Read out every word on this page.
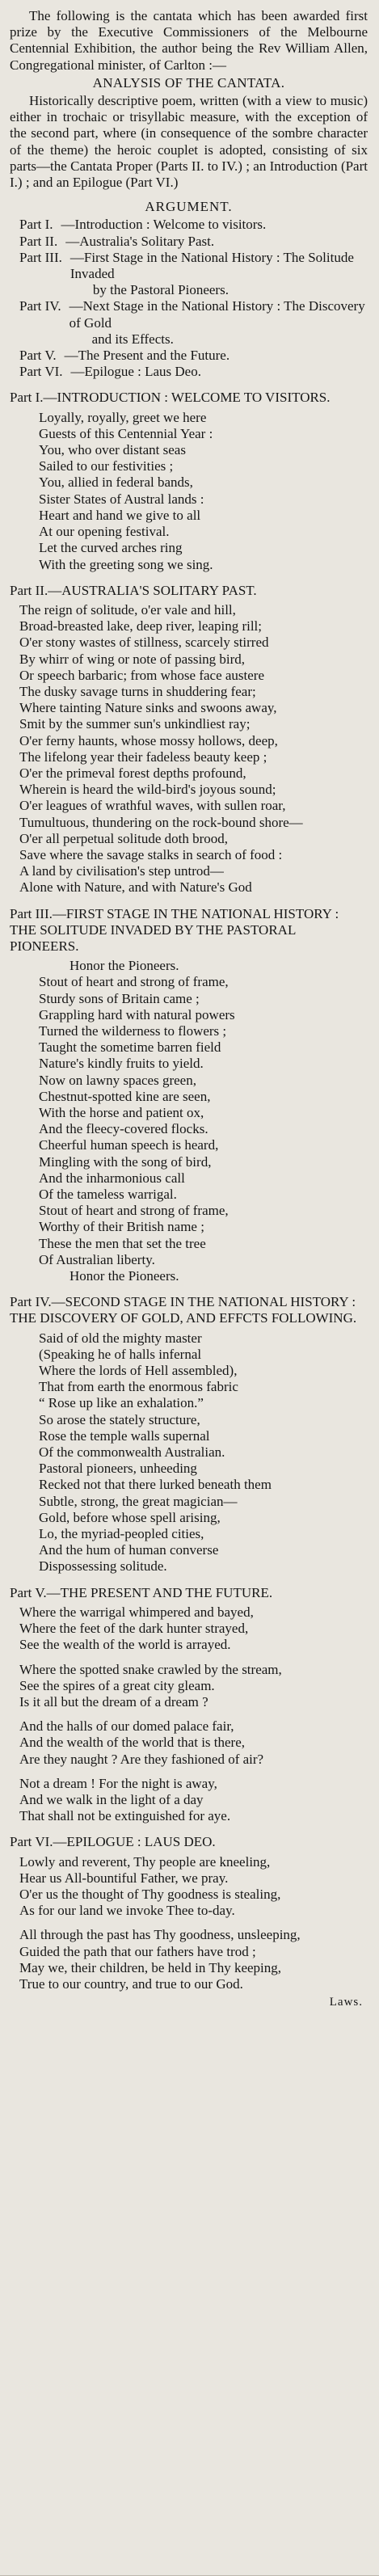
The following is the cantata which has been awarded first prize by the Executive Commissioners of the Melbourne Centennial Exhibition, the author being the Rev William Allen, Congregational minister, of Carlton :—

ANALYSIS OF THE CANTATA.

Historically descriptive poem, written (with a view to music) either in trochaic or trisyllabic measure, with the exception of the second part, where (in consequence of the sombre character of the theme) the heroic couplet is adopted, consisting of six parts—the Cantata Proper (Parts II. to IV.) ; an Introduction (Part I.) ; and an Epilogue (Part VI.)

ARGUMENT.
Part I. —Introduction : Welcome to visitors.
Part II. —Australia's Solitary Past.
Part III. —First Stage in the National History : The Solitude Invaded
by the Pastoral Pioneers.
Part IV. —Next Stage in the National History : The Discovery of Gold
and its Effects.
Part V. —The Present and the Future.
Part VI. —Epilogue : Laus Deo.
Part I.—INTRODUCTION : WELCOME TO VISITORS.
Loyally, royally, greet we here
Guests of this Centennial Year :
You, who over distant seas
Sailed to our festivities ;
You, allied in federal bands,
Sister States of Austral lands :
Heart and hand we give to all
At our opening festival.
Let the curved arches ring
With the greeting song we sing.
Part II.—AUSTRALIA'S SOLITARY PAST.
The reign of solitude, o'er vale and hill,
Broad-breasted lake, deep river, leaping rill;
O'er stony wastes of stillness, scarcely stirred
By whirr of wing or note of passing bird,
Or speech barbaric; from whose face austere
The dusky savage turns in shuddering fear;
Where tainting Nature sinks and swoons away,
Smit by the summer sun's unkindliest ray;
O'er ferny haunts, whose mossy hollows, deep,
The lifelong year their fadeless beauty keep ;
O'er the primeval forest depths profound,
Wherein is heard the wild-bird's joyous sound;
O'er leagues of wrathful waves, with sullen roar,
Tumultuous, thundering on the rock-bound shore—
O'er all perpetual solitude doth brood,
Save where the savage stalks in search of food :
A land by civilisation's step untrod—
Alone with Nature, and with Nature's God
Part III.—FIRST STAGE IN THE NATIONAL HISTORY : THE SOLITUDE INVADED BY THE PASTORAL PIONEERS.
Honor the Pioneers.
Stout of heart and strong of frame,
Sturdy sons of Britain came ;
Grappling hard with natural powers
Turned the wilderness to flowers ;
Taught the sometime barren field
Nature's kindly fruits to yield.
Now on lawny spaces green,
Chestnut-spotted kine are seen,
With the horse and patient ox,
And the fleecy-covered flocks.
Cheerful human speech is heard,
Mingling with the song of bird,
And the inharmonious call
Of the tameless warrigal.
Stout of heart and strong of frame,
Worthy of their British name ;
These the men that set the tree
Of Australian liberty.
Honor the Pioneers.
Part IV.—SECOND STAGE IN THE NATIONAL HISTORY : THE DISCOVERY OF GOLD, AND EFFCTS FOLLOWING.
Said of old the mighty master
(Speaking he of halls infernal
Where the lords of Hell assembled),
That from earth the enormous fabric
“ Rose up like an exhalation.”
So arose the stately structure,
Rose the temple walls supernal
Of the commonwealth Australian.
Pastoral pioneers, unheeding
Recked not that there lurked beneath them
Subtle, strong, the great magician—
Gold, before whose spell arising,
Lo, the myriad-peopled cities,
And the hum of human converse
Dispossessing solitude.
Part V.—THE PRESENT AND THE FUTURE.
Where the warrigal whimpered and bayed,
Where the feet of the dark hunter strayed,
See the wealth of the world is arrayed.
Where the spotted snake crawled by the stream,
See the spires of a great city gleam.
Is it all but the dream of a dream ?
And the halls of our domed palace fair,
And the wealth of the world that is there,
Are they naught ? Are they fashioned of air?
Not a dream ! For the night is away,
And we walk in the light of a day
That shall not be extinguished for aye.
Part VI.—EPILOGUE : LAUS DEO.
Lowly and reverent, Thy people are kneeling,
Hear us All-bountiful Father, we pray.
O'er us the thought of Thy goodness is stealing,
As for our land we invoke Thee to-day.
All through the past has Thy goodness, unsleeping,
Guided the path that our fathers have trod ;
May we, their children, be held in Thy keeping,
True to our country, and true to our God.
Laws.
